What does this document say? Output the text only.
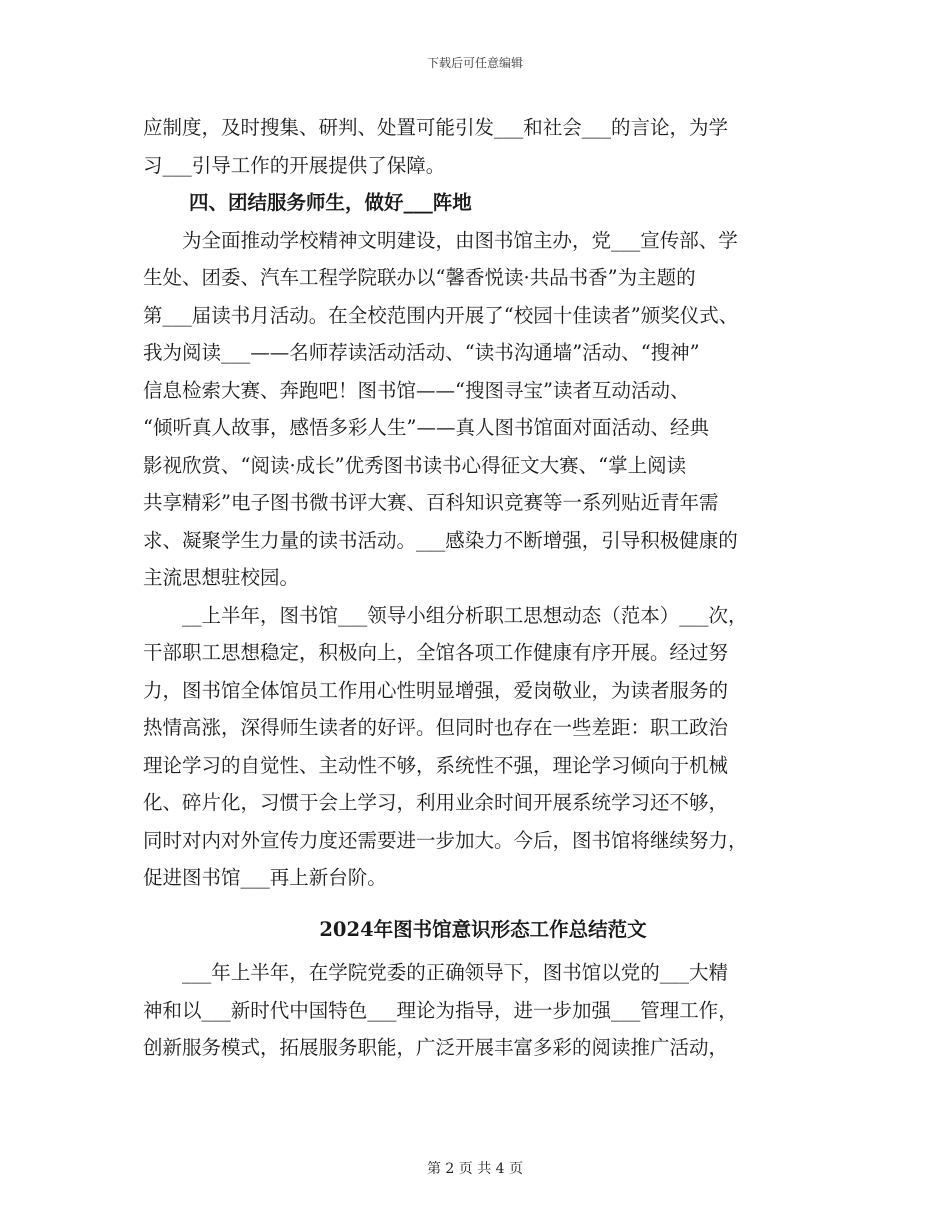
下载后可任意编辑
应制度，及时搜集、研判、处置可能引发___和社会___的言论，为学
习___引导工作的开展提供了保障。
四、团结服务师生，做好___阵地
　　为全面推动学校精神文明建设，由图书馆主办，党___宣传部、学
生处、团委、汽车工程学院联办以“馨香悦读·共品书香”为主题的
第___届读书月活动。在全校范围内开展了“校园十佳读者”颁奖仪式、
我为阅读___——名师荐读活动活动、“读书沟通墙”活动、“搜神”
信息检索大赛、奔跑吧！图书馆——“搜图寻宝”读者互动活动、
“倾听真人故事，感悟多彩人生”——真人图书馆面对面活动、经典
影视欣赏、“阅读·成长”优秀图书读书心得征文大赛、“掌上阅读
共享精彩”电子图书微书评大赛、百科知识竞赛等一系列贴近青年需
求、凝聚学生力量的读书活动。___感染力不断增强，引导积极健康的
主流思想驻校园。
　　__上半年，图书馆___领导小组分析职工思想动态（范本）___次，
干部职工思想稳定，积极向上，全馆各项工作健康有序开展。经过努
力，图书馆全体馆员工作用心性明显增强，爱岗敬业，为读者服务的
热情高涨，深得师生读者的好评。但同时也存在一些差距：职工政治
理论学习的自觉性、主动性不够，系统性不强，理论学习倾向于机械
化、碎片化，习惯于会上学习，利用业余时间开展系统学习还不够，
同时对内对外宣传力度还需要进一步加大。今后，图书馆将继续努力，
促进图书馆___再上新台阶。
2024年图书馆意识形态工作总结范文
　　___年上半年，在学院党委的正确领导下，图书馆以党的___大精
神和以___新时代中国特色___理论为指导，进一步加强___管理工作，
创新服务模式，拓展服务职能，广泛开展丰富多彩的阅读推广活动，
第 2 页 共 4 页
